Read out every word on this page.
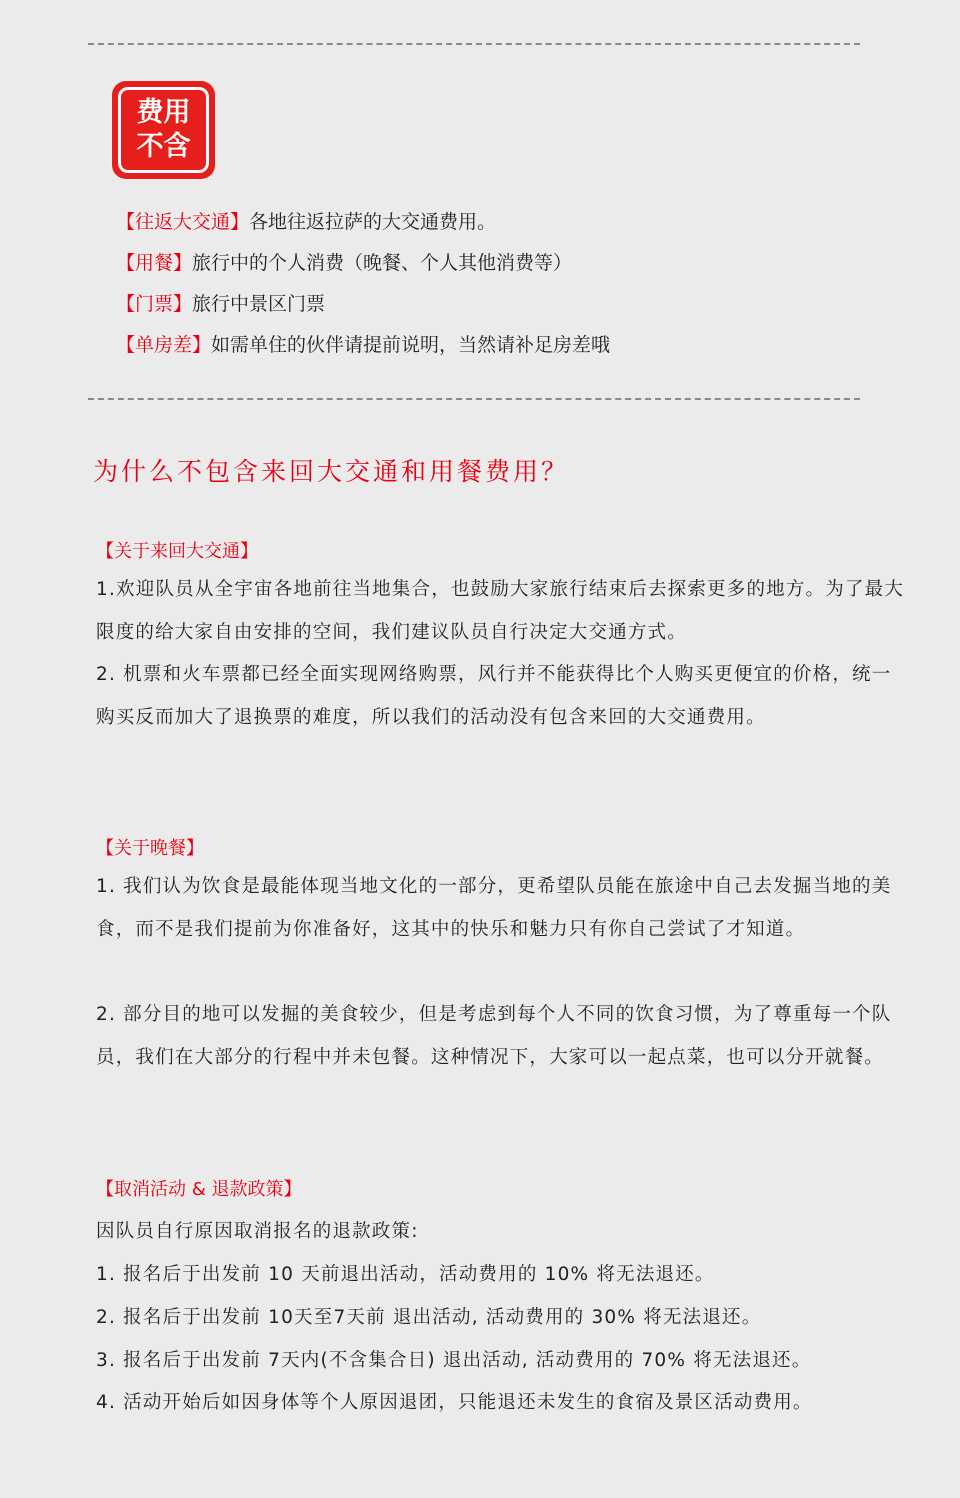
费用
不含
【往返大交通】各地往返拉萨的大交通费用。
【用餐】旅行中的个人消费（晚餐、个人其他消费等）
【门票】旅行中景区门票
【单房差】如需单住的伙伴请提前说明，当然请补足房差哦
为什么不包含来回大交通和用餐费用？
【关于来回大交通】

1.欢迎队员从全宇宙各地前往当地集合，也鼓励大家旅行结束后去探索更多的地方。为了最大限度的给大家自由安排的空间，我们建议队员自行决定大交通方式。

2. 机票和火车票都已经全面实现网络购票，风行并不能获得比个人购买更便宜的价格，统一购买反而加大了退换票的难度，所以我们的活动没有包含来回的大交通费用。

【关于晚餐】

1. 我们认为饮食是最能体现当地文化的一部分，更希望队员能在旅途中自己去发掘当地的美食，而不是我们提前为你准备好，这其中的快乐和魅力只有你自己尝试了才知道。

2. 部分目的地可以发掘的美食较少，但是考虑到每个人不同的饮食习惯，为了尊重每一个队员，我们在大部分的行程中并未包餐。这种情况下，大家可以一起点菜，也可以分开就餐。

【取消活动 & 退款政策】
因队员自行原因取消报名的退款政策:
1. 报名后于出发前 10 天前退出活动，活动费用的 10% 将无法退还。
2. 报名后于出发前 10天至7天前 退出活动, 活动费用的 30% 将无法退还。
3. 报名后于出发前 7天内(不含集合日) 退出活动, 活动费用的 70% 将无法退还。
4. 活动开始后如因身体等个人原因退团，只能退还未发生的食宿及景区活动费用。
